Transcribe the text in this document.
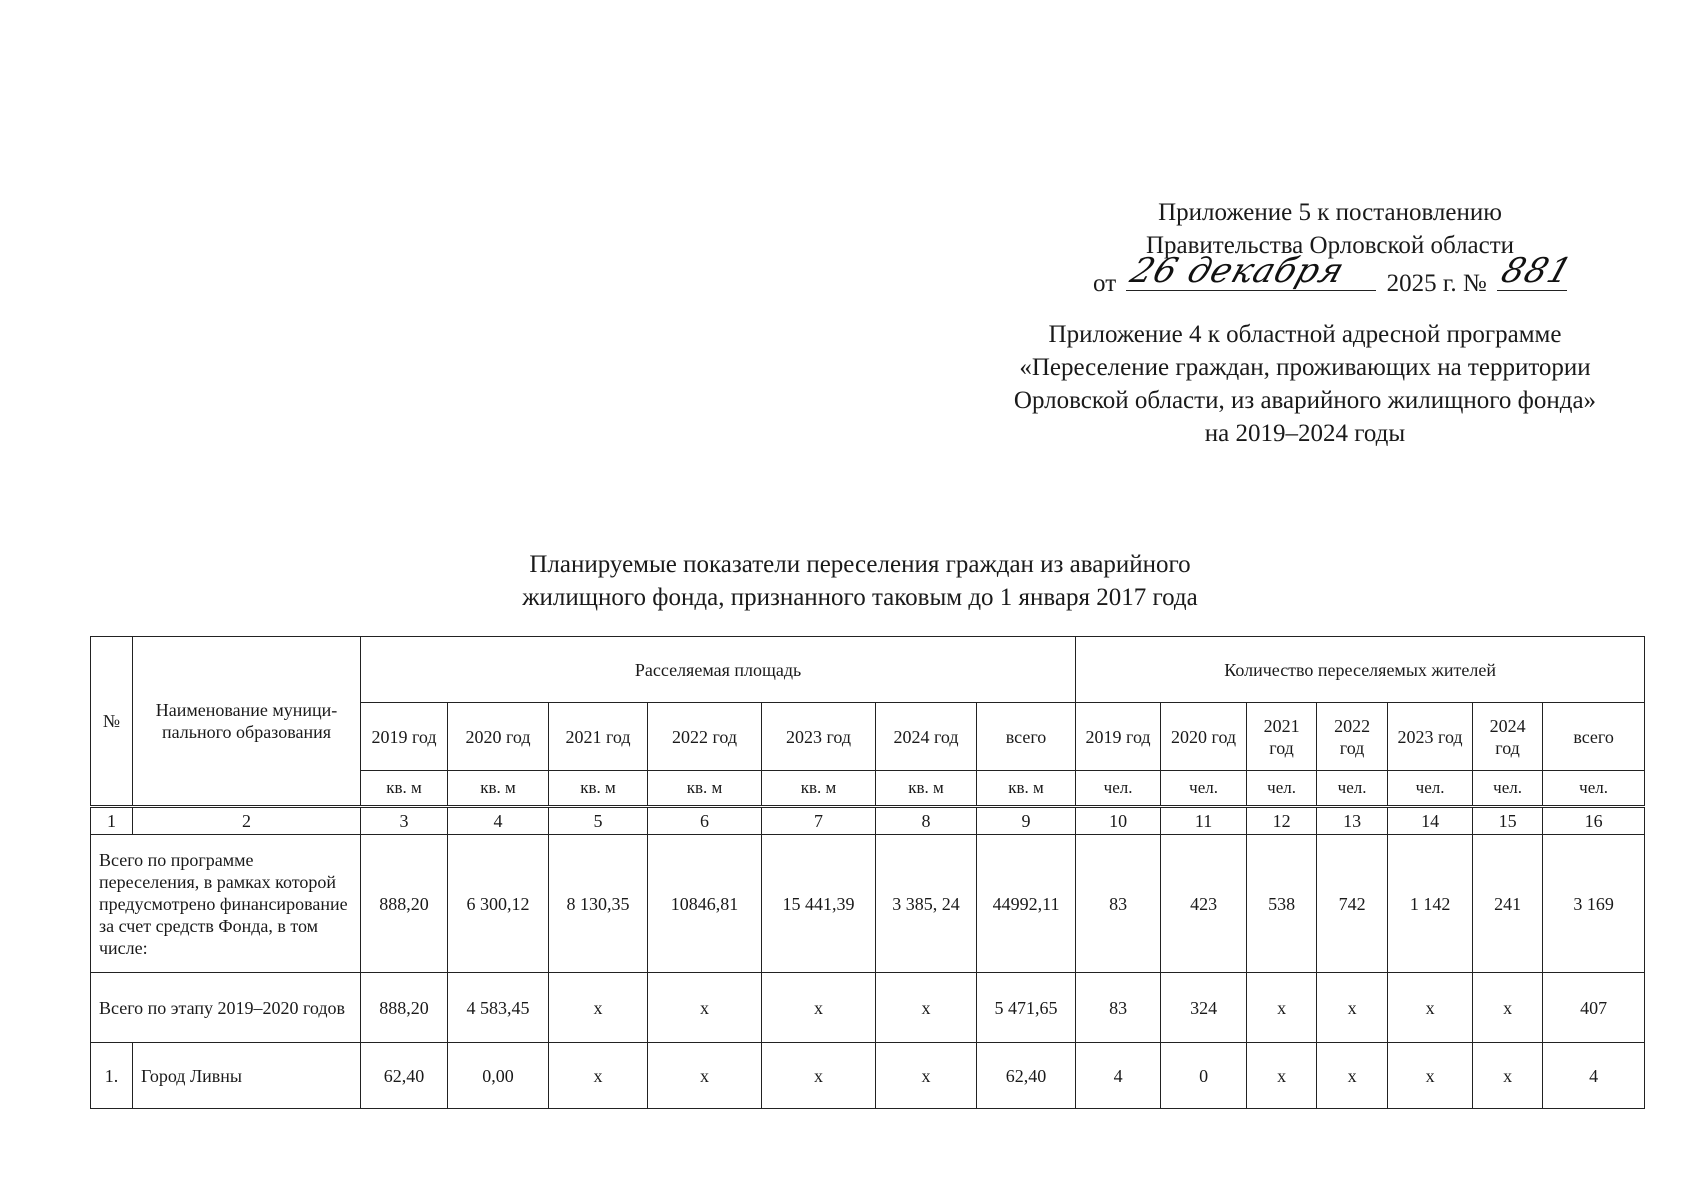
Приложение 5 к постановлению
Правительства Орловской области
от 26 декабря 2025 г. № 881
Приложение 4 к областной адресной программе
«Переселение граждан, проживающих на территории
Орловской области, из аварийного жилищного фонда»
на 2019–2024 годы
Планируемые показатели переселения граждан из аварийного
жилищного фонда, признанного таковым до 1 января 2017 года
№	Наименование муници-пального образования	Расселяемая площадь							Количество переселяемых жителей						
		2019 год	2020 год	2021 год	2022 год	2023 год	2024 год	всего	2019 год	2020 год	2021 год	2022 год	2023 год	2024 год	всего
		кв. м	кв. м	кв. м	кв. м	кв. м	кв. м	кв. м	чел.	чел.	чел.	чел.	чел.	чел.	чел.
1	2	3	4	5	6	7	8	9	10	11	12	13	14	15	16
Всего по программе переселения, в рамках которой предусмотрено финансирование за счет средств Фонда, в том числе:		888,20	6 300,12	8 130,35	10846,81	15 441,39	3 385, 24	44992,11	83	423	538	742	1 142	241	3 169
Всего по этапу 2019–2020 годов		888,20	4 583,45	х	х	х	х	5 471,65	83	324	х	х	х	х	407
1.	Город Ливны	62,40	0,00	х	х	х	х	62,40	4	0	х	х	х	х	4
